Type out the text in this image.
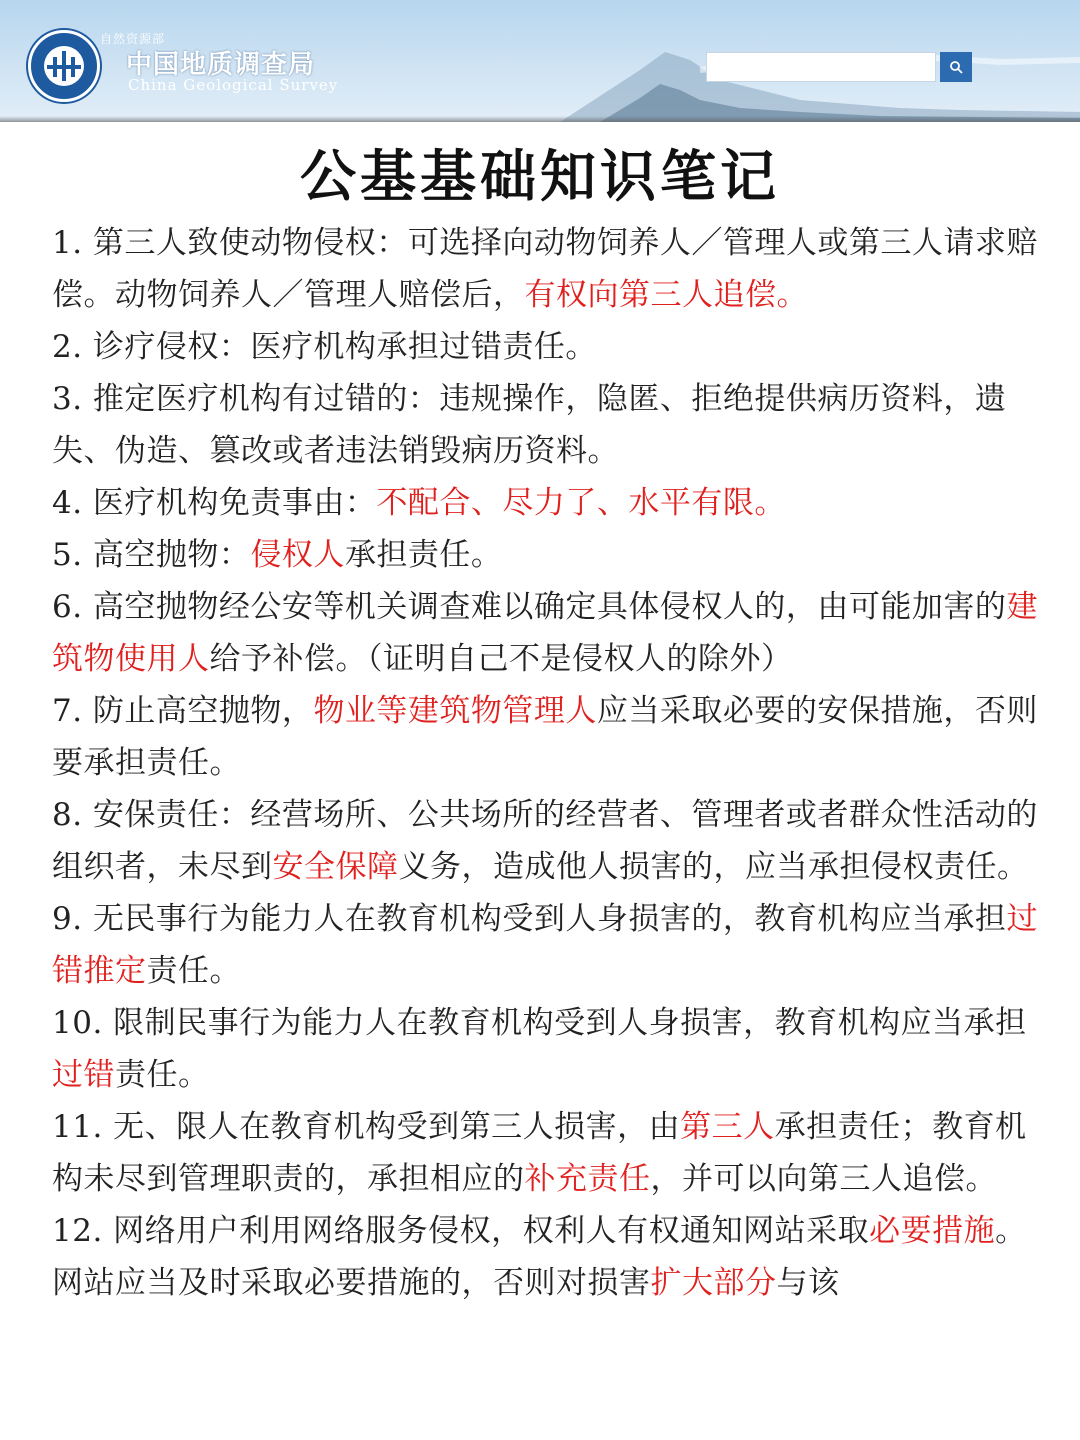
自然资源部
中国地质调查局
China Geological Survey
公基基础知识笔记

1. 第三人致使动物侵权：可选择向动物饲养人／管理人或第三人请求赔偿。动物饲养人／管理人赔偿后，有权向第三人追偿。

2. 诊疗侵权：医疗机构承担过错责任。

3. 推定医疗机构有过错的：违规操作，隐匿、拒绝提供病历资料，遗失、伪造、篡改或者违法销毁病历资料。

4. 医疗机构免责事由：不配合、尽力了、水平有限。

5. 高空抛物：侵权人承担责任。

6. 高空抛物经公安等机关调查难以确定具体侵权人的，由可能加害的建筑物使用人给予补偿。（证明自己不是侵权人的除外）

7. 防止高空抛物，物业等建筑物管理人应当采取必要的安保措施，否则要承担责任。

8. 安保责任：经营场所、公共场所的经营者、管理者或者群众性活动的组织者，未尽到安全保障义务，造成他人损害的，应当承担侵权责任。

9. 无民事行为能力人在教育机构受到人身损害的，教育机构应当承担过错推定责任。

10. 限制民事行为能力人在教育机构受到人身损害，教育机构应当承担过错责任。

11. 无、限人在教育机构受到第三人损害，由第三人承担责任；教育机构未尽到管理职责的，承担相应的补充责任，并可以向第三人追偿。

12. 网络用户利用网络服务侵权，权利人有权通知网站采取必要措施。网站应当及时采取必要措施的，否则对损害扩大部分与该
